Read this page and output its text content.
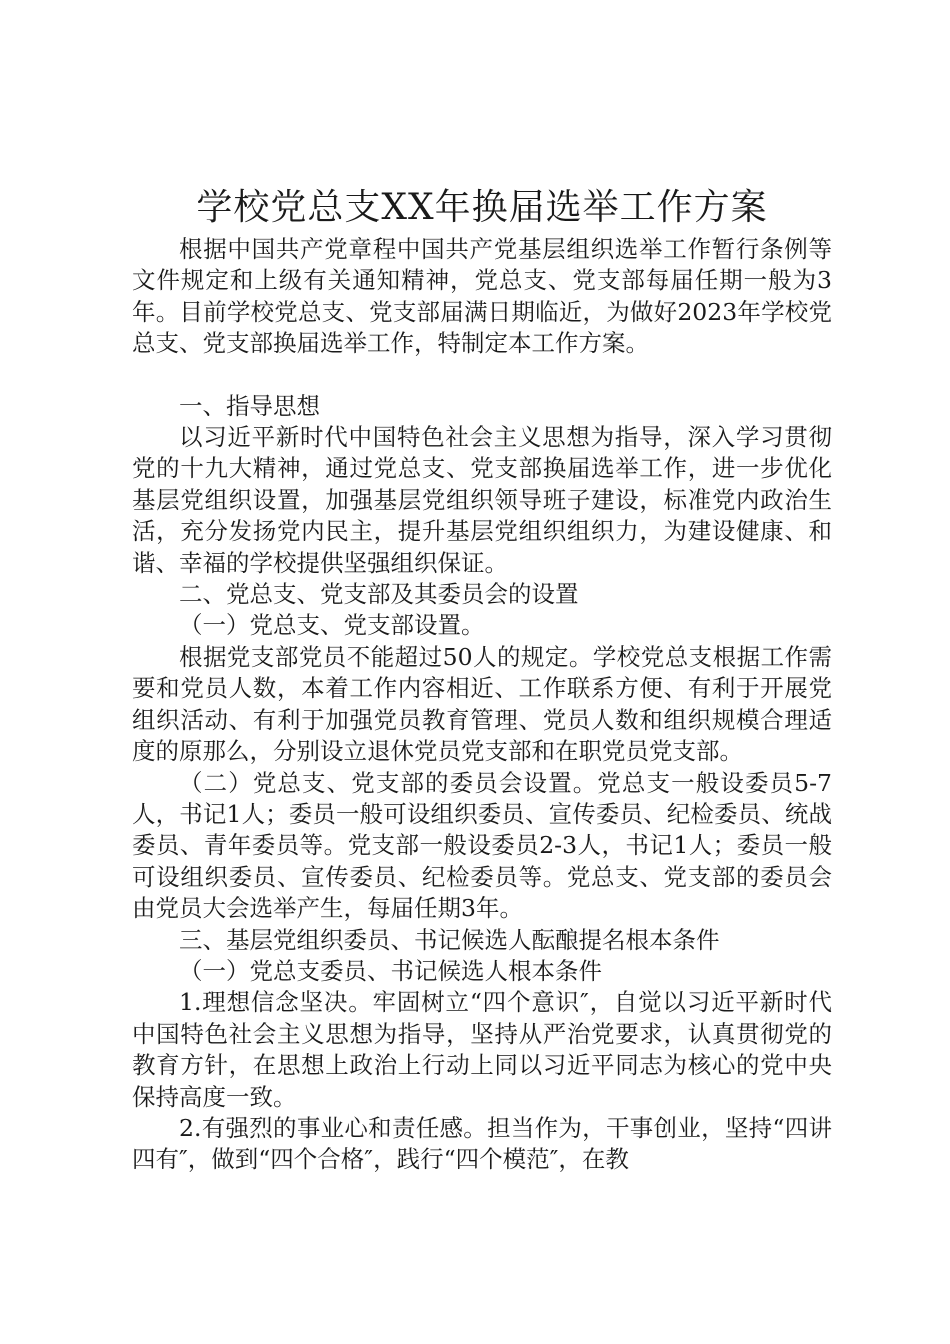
学校党总支XX年换届选举工作方案

根据中国共产党章程中国共产党基层组织选举工作暂行条例等文件规定和上级有关通知精神，党总支、党支部每届任期一般为3年。目前学校党总支、党支部届满日期临近，为做好2023年学校党总支、党支部换届选举工作，特制定本工作方案。

一、指导思想

以习近平新时代中国特色社会主义思想为指导，深入学习贯彻党的十九大精神，通过党总支、党支部换届选举工作，进一步优化基层党组织设置，加强基层党组织领导班子建设，标准党内政治生活，充分发扬党内民主，提升基层党组织组织力，为建设健康、和谐、幸福的学校提供坚强组织保证。

二、党总支、党支部及其委员会的设置

（一）党总支、党支部设置。

根据党支部党员不能超过50人的规定。学校党总支根据工作需要和党员人数，本着工作内容相近、工作联系方便、有利于开展党组织活动、有利于加强党员教育管理、党员人数和组织规模合理适度的原那么，分别设立退休党员党支部和在职党员党支部。

（二）党总支、党支部的委员会设置。党总支一般设委员5-7人，书记1人；委员一般可设组织委员、宣传委员、纪检委员、统战委员、青年委员等。党支部一般设委员2-3人，书记1人；委员一般可设组织委员、宣传委员、纪检委员等。党总支、党支部的委员会由党员大会选举产生，每届任期3年。

三、基层党组织委员、书记候选人酝酿提名根本条件

（一）党总支委员、书记候选人根本条件

1.理想信念坚决。牢固树立“四个意识″，自觉以习近平新时代中国特色社会主义思想为指导，坚持从严治党要求，认真贯彻党的教育方针，在思想上政治上行动上同以习近平同志为核心的党中央保持高度一致。

2.有强烈的事业心和责任感。担当作为，干事创业，坚持“四讲四有″，做到“四个合格″，践行“四个模范″，在教
